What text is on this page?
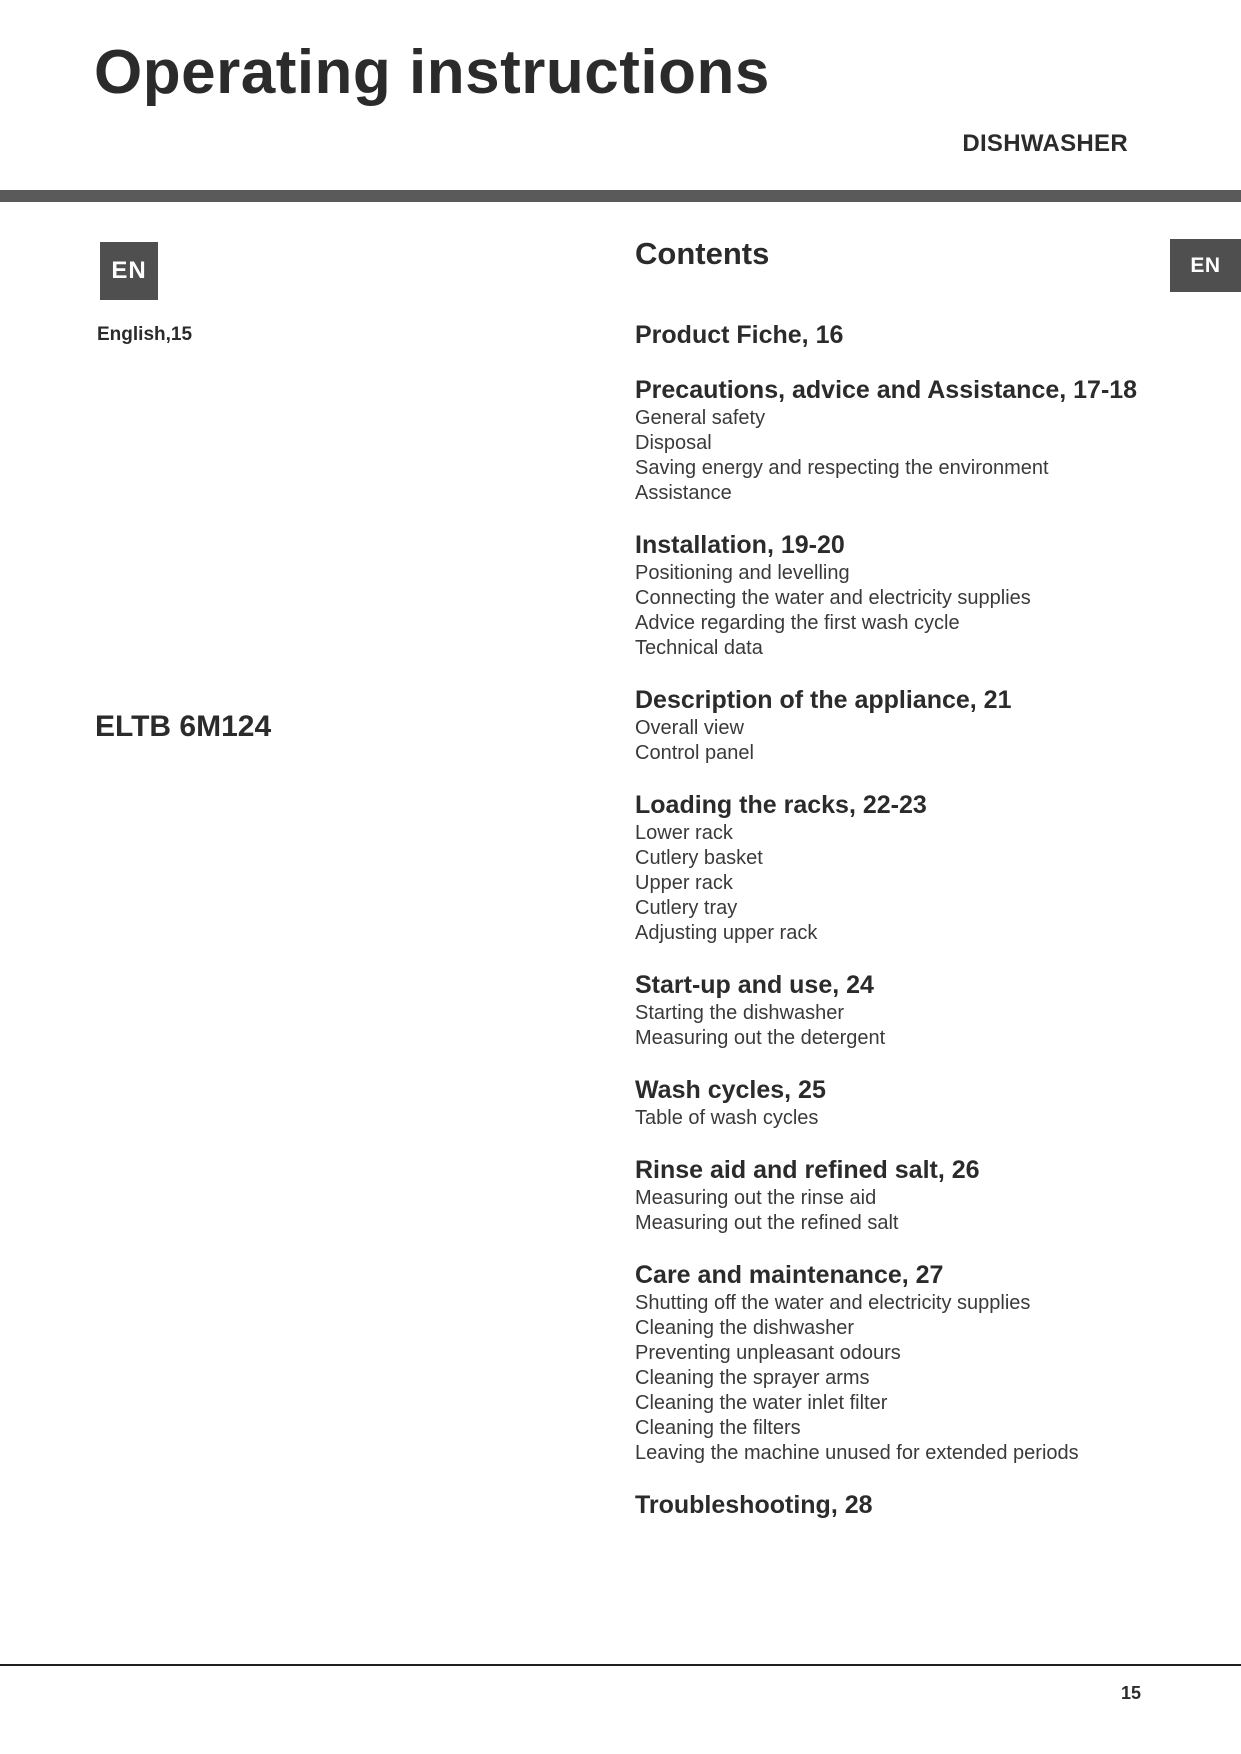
Operating instructions
DISHWASHER
EN
English,15
ELTB 6M124
EN
Contents
Product Fiche, 16
Precautions, advice and Assistance, 17-18
General safety
Disposal
Saving energy and respecting the environment
Assistance
Installation, 19-20
Positioning and levelling
Connecting the water and electricity supplies
Advice regarding the first wash cycle
Technical data
Description of the appliance, 21
Overall view
Control panel
Loading the racks, 22-23
Lower rack
Cutlery basket
Upper rack
Cutlery tray
Adjusting upper rack
Start-up and use, 24
Starting the dishwasher
Measuring out the detergent
Wash cycles, 25
Table of wash cycles
Rinse aid and refined salt, 26
Measuring out the rinse aid
Measuring out the refined salt
Care and maintenance, 27
Shutting off the water and electricity supplies
Cleaning the dishwasher
Preventing unpleasant odours
Cleaning the sprayer arms
Cleaning the water inlet filter
Cleaning the filters
Leaving the machine unused for extended periods
Troubleshooting, 28
15
